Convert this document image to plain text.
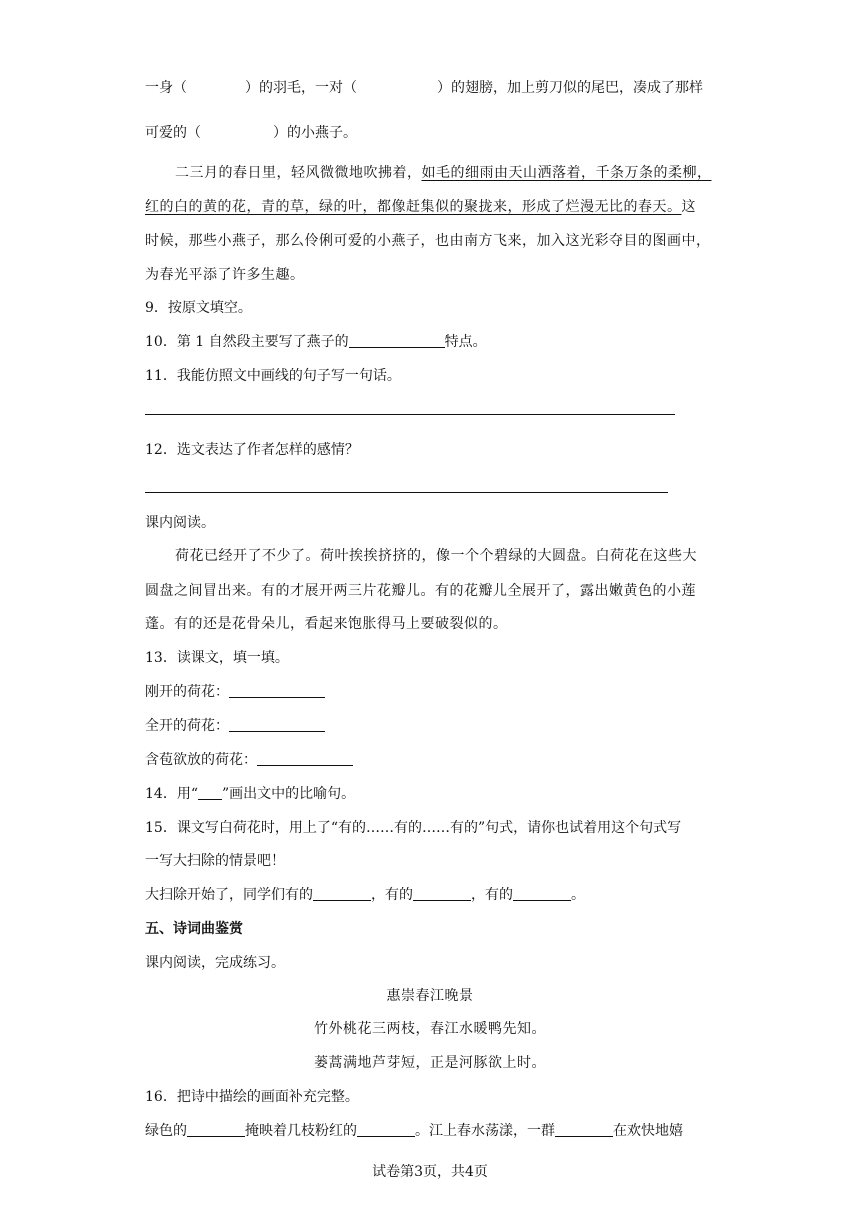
一身（	）的羽毛，一对（	）的翅膀，加上剪刀似的尾巴，凑成了那样
可爱的（	）的小燕子。
二三月的春日里，轻风微微地吹拂着，如毛的细雨由天山洒落着，千条万条的柔柳，
红的白的黄的花，青的草，绿的叶，都像赶集似的聚拢来，形成了烂漫无比的春天。这
时候，那些小燕子，那么伶俐可爱的小燕子，也由南方飞来，加入这光彩夺目的图画中，
为春光平添了许多生趣。
9．按原文填空。
10．第 1 自然段主要写了燕子的	特点。
11．我能仿照文中画线的句子写一句话。
12．选文表达了作者怎样的感情？
课内阅读。
荷花已经开了不少了。荷叶挨挨挤挤的，像一个个碧绿的大圆盘。白荷花在这些大
圆盘之间冒出来。有的才展开两三片花瓣儿。有的花瓣儿全展开了，露出嫩黄色的小莲
蓬。有的还是花骨朵儿，看起来饱胀得马上要破裂似的。
13．读课文，填一填。
刚开的荷花：
全开的荷花：
含苞欲放的荷花：
14．用“ ”画出文中的比喻句。
15．课文写白荷花时，用上了“有的……有的……有的”句式，请你也试着用这个句式写
一写大扫除的情景吧！
大扫除开始了，同学们有的	，有的	，有的	。
五、诗词曲鉴赏
课内阅读，完成练习。
惠崇春江晚景
竹外桃花三两枝，春江水暖鸭先知。
蒌蒿满地芦芽短，正是河豚欲上时。
16．把诗中描绘的画面补充完整。
绿色的	掩映着几枝粉红的	。江上春水荡漾，一群	在欢快地嬉
试卷第3页，共4页
